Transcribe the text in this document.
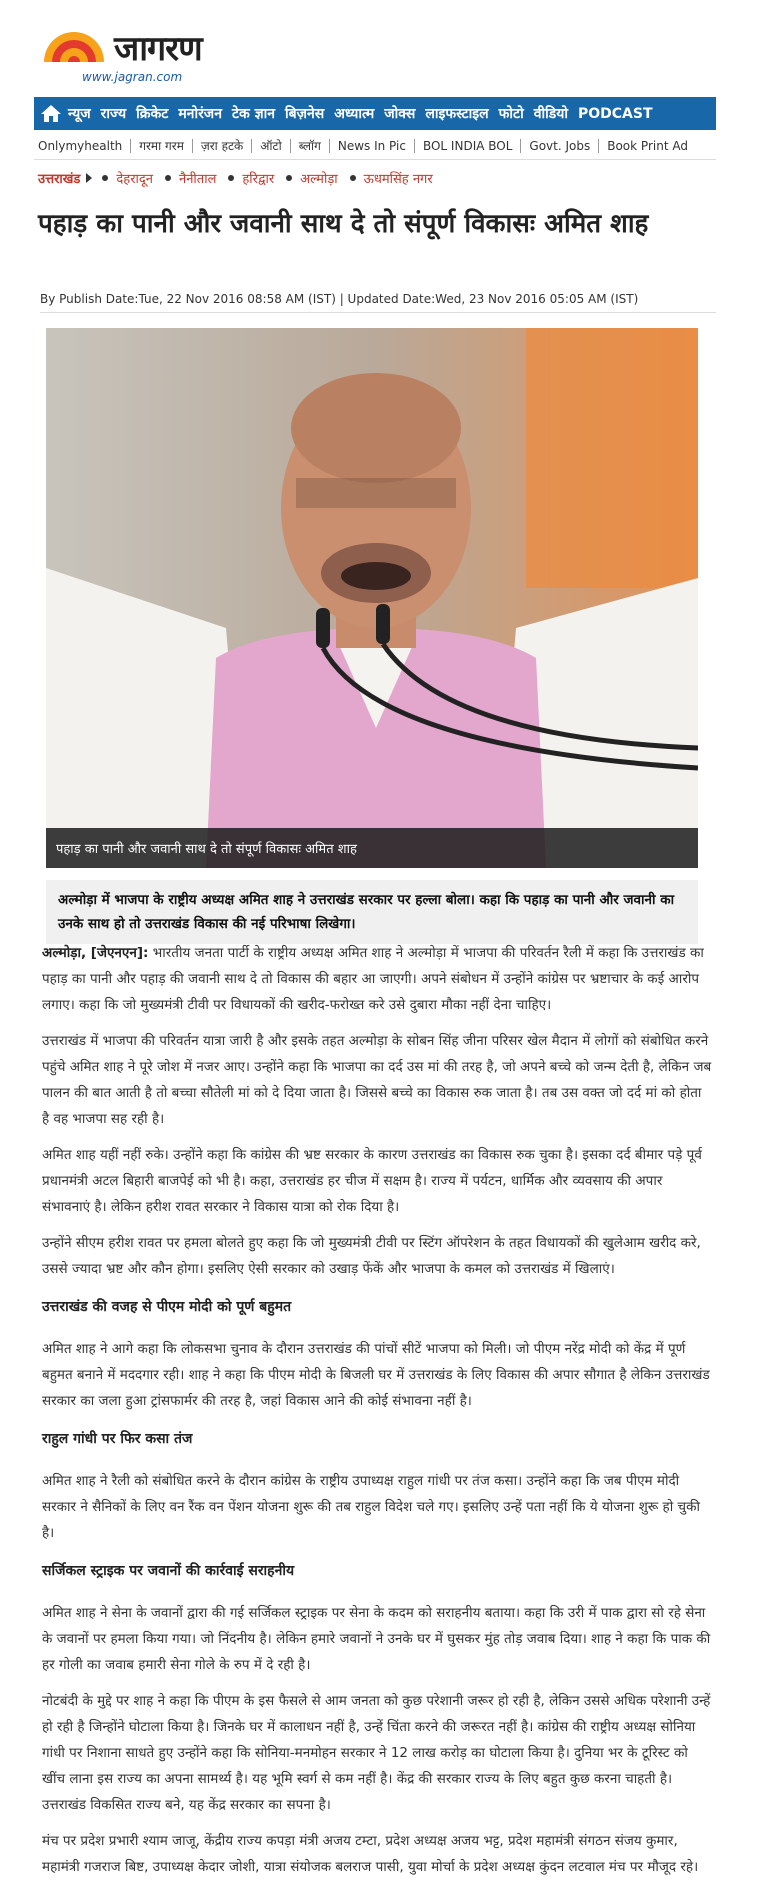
जागरण
www.jagran.com
न्यूज राज्य क्रिकेट मनोरंजन टेक ज्ञान बिज़नेस अध्यात्म जोक्स लाइफस्टाइल फोटो वीडियो PODCAST
Onlymyhealth	गरमा गरम	ज़रा हटके	ऑटो	ब्लॉग	News In Pic	BOL INDIA BOL	Govt. Jobs	Book Print Ad
उत्तराखंड	देहरादून नैनीताल हरिद्वार अल्मोड़ा ऊधमसिंह नगर
पहाड़ का पानी और जवानी साथ दे तो संपूर्ण विकासः अमित शाह
By Publish Date:Tue, 22 Nov 2016 08:58 AM (IST) | Updated Date:Wed, 23 Nov 2016 05:05 AM (IST)
पहाड़ का पानी और जवानी साथ दे तो संपूर्ण विकासः अमित शाह
अल्मोड़ा में भाजपा के राष्ट्रीय अध्यक्ष अमित शाह ने उत्तराखंड सरकार पर हल्ला बोला। कहा कि पहाड़ का पानी और जवानी का उनके साथ हो तो उत्तराखंड विकास की नई परिभाषा लिखेगा।

अल्मोड़ा, [जेएनएन]: भारतीय जनता पार्टी के राष्ट्रीय अध्यक्ष अमित शाह ने अल्मोड़ा में भाजपा की परिवर्तन रैली में कहा कि उत्तराखंड का पहाड़ का पानी और पहाड़ की जवानी साथ दे तो विकास की बहार आ जाएगी। अपने संबोधन में उन्होंने कांग्रेस पर भ्रष्टाचार के कई आरोप लगाए। कहा कि जो मुख्यमंत्री टीवी पर विधायकों की खरीद-फरोख्त करे उसे दुबारा मौका नहीं देना चाहिए।

उत्तराखंड में भाजपा की परिवर्तन यात्रा जारी है और इसके तहत अल्मोड़ा के सोबन सिंह जीना परिसर खेल मैदान में लोगों को संबोधित करने पहुंचे अमित शाह ने पूरे जोश में नजर आए। उन्होंने कहा कि भाजपा का दर्द उस मां की तरह है, जो अपने बच्चे को जन्म देती है, लेकिन जब पालन की बात आती है तो बच्चा सौतेली मां को दे दिया जाता है। जिससे बच्चे का विकास रुक जाता है। तब उस वक्त जो दर्द मां को होता है वह भाजपा सह रही है।

अमित शाह यहीं नहीं रुके। उन्होंने कहा कि कांग्रेस की भ्रष्ट सरकार के कारण उत्तराखंड का विकास रुक चुका है। इसका दर्द बीमार पड़े पूर्व प्रधानमंत्री अटल बिहारी बाजपेई को भी है। कहा, उत्तराखंड हर चीज में सक्षम है। राज्य में पर्यटन, धार्मिक और व्यवसाय की अपार संभावनाएं है। लेकिन हरीश रावत सरकार ने विकास यात्रा को रोक दिया है।

उन्होंने सीएम हरीश रावत पर हमला बोलते हुए कहा कि जो मुख्यमंत्री टीवी पर स्टिंग ऑपरेशन के तहत विधायकों की खुलेआम खरीद करे, उससे ज्यादा भ्रष्ट और कौन होगा। इसलिए ऐसी सरकार को उखाड़ फेंकें और भाजपा के कमल को उत्तराखंड में खिलाएं।

उत्तराखंड की वजह से पीएम मोदी को पूर्ण बहुमत

अमित शाह ने आगे कहा कि लोकसभा चुनाव के दौरान उत्तराखंड की पांचों सीटें भाजपा को मिली। जो पीएम नरेंद्र मोदी को केंद्र में पूर्ण बहुमत बनाने में मददगार रही। शाह ने कहा कि पीएम मोदी के बिजली घर में उत्तराखंड के लिए विकास की अपार सौगात है लेकिन उत्तराखंड सरकार का जला हुआ ट्रांसफार्मर की तरह है, जहां विकास आने की कोई संभावना नहीं है।

राहुल गांधी पर फिर कसा तंज

अमित शाह ने रैली को संबोधित करने के दौरान कांग्रेस के राष्ट्रीय उपाध्यक्ष राहुल गांधी पर तंज कसा। उन्होंने कहा कि जब पीएम मोदी सरकार ने सैनिकों के लिए वन रैंक वन पेंशन योजना शुरू की तब राहुल विदेश चले गए। इसलिए उन्हें पता नहीं कि ये योजना शुरू हो चुकी है।

सर्जिकल स्ट्राइक पर जवानों की कार्रवाई सराहनीय

अमित शाह ने सेना के जवानों द्वारा की गई सर्जिकल स्ट्राइक पर सेना के कदम को सराहनीय बताया। कहा कि उरी में पाक द्वारा सो रहे सेना के जवानों पर हमला किया गया। जो निंदनीय है। लेकिन हमारे जवानों ने उनके घर में घुसकर मुंह तोड़ जवाब दिया। शाह ने कहा कि पाक की हर गोली का जवाब हमारी सेना गोले के रुप में दे रही है।

नोटबंदी के मुद्दे पर शाह ने कहा कि पीएम के इस फैसले से आम जनता को कुछ परेशानी जरूर हो रही है, लेकिन उससे अधिक परेशानी उन्हें हो रही है जिन्होंने घोटाला किया है। जिनके घर में कालाधन नहीं है, उन्हें चिंता करने की जरूरत नहीं है। कांग्रेस की राष्ट्रीय अध्यक्ष सोनिया गांधी पर निशाना साधते हुए उन्होंने कहा कि सोनिया-मनमोहन सरकार ने 12 लाख करोड़ का घोटाला किया है। दुनिया भर के टूरिस्ट को खींच लाना इस राज्य का अपना सामर्थ्य है। यह भूमि स्वर्ग से कम नहीं है। केंद्र की सरकार राज्य के लिए बहुत कुछ करना चाहती है। उत्तराखंड विकसित राज्य बने, यह केंद्र सरकार का सपना है।

मंच पर प्रदेश प्रभारी श्याम जाजू, केंद्रीय राज्य कपड़ा मंत्री अजय टम्टा, प्रदेश अध्यक्ष अजय भट्ट, प्रदेश महामंत्री संगठन संजय कुमार, महामंत्री गजराज बिष्ट, उपाध्यक्ष केदार जोशी, यात्रा संयोजक बलराज पासी, युवा मोर्चा के प्रदेश अध्यक्ष कुंदन लटवाल मंच पर मौजूद रहे।
